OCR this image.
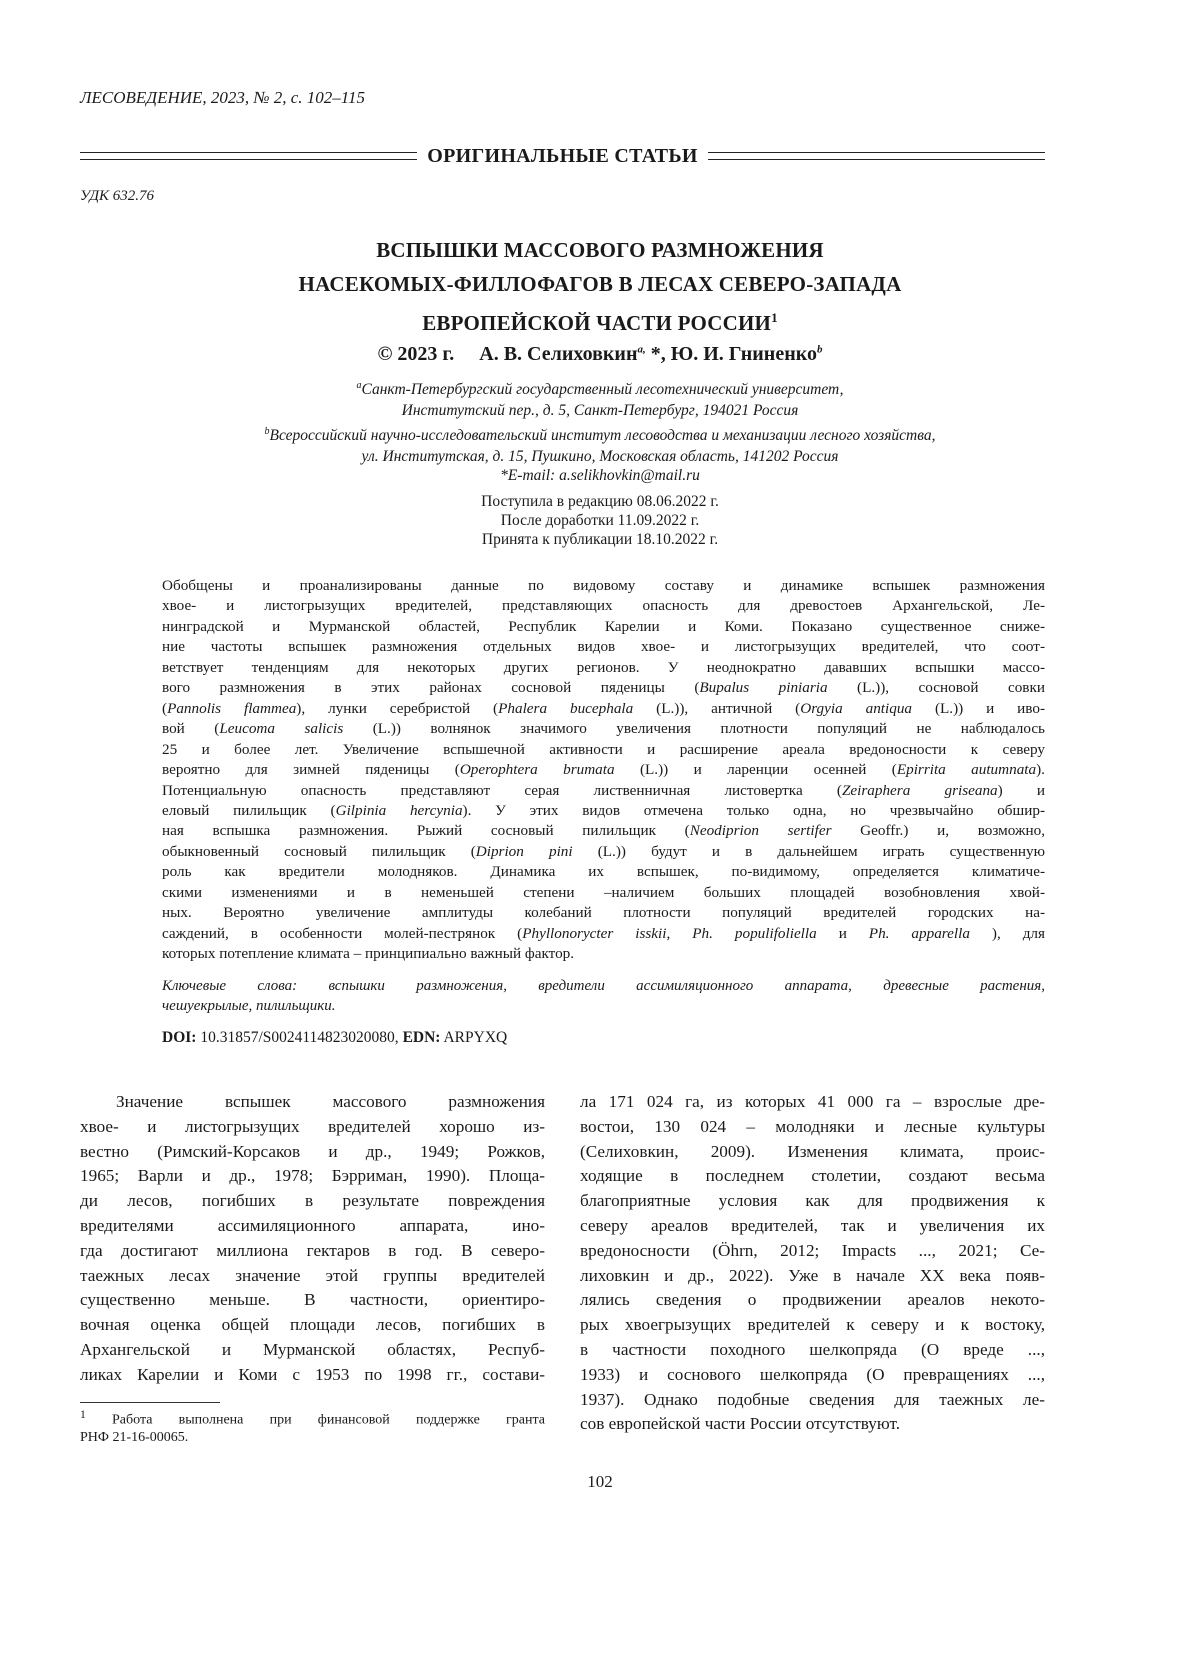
ЛЕСОВЕДЕНИЕ, 2023, № 2, с. 102–115
ОРИГИНАЛЬНЫЕ СТАТЬИ
УДК 632.76
ВСПЫШКИ МАССОВОГО РАЗМНОЖЕНИЯ
НАСЕКОМЫХ-ФИЛЛОФАГОВ В ЛЕСАХ СЕВЕРО-ЗАПАДА
ЕВРОПЕЙСКОЙ ЧАСТИ РОССИИ1
© 2023 г. А. В. Селиховкинa, *, Ю. И. Гниненкоb
aСанкт-Петербургский государственный лесотехнический университет,
Институтский пер., д. 5, Санкт-Петербург, 194021 Россия
bВсероссийский научно-исследовательский институт лесоводства и механизации лесного хозяйства,
ул. Институтская, д. 15, Пушкино, Московская область, 141202 Россия
*E-mail: a.selikhovkin@mail.ru
Поступила в редакцию 08.06.2022 г.
После доработки 11.09.2022 г.
Принята к публикации 18.10.2022 г.
Обобщены и проанализированы данные по видовому составу и динамике вспышек размножения
хвое- и листогрызущих вредителей, представляющих опасность для древостоев Архангельской, Ле-
нинградской и Мурманской областей, Республик Карелии и Коми. Показано существенное сниже-
ние частоты вспышек размножения отдельных видов хвое- и листогрызущих вредителей, что соот-
ветствует тенденциям для некоторых других регионов. У неоднократно дававших вспышки массо-
вого размножения в этих районах сосновой пяденицы (Bupalus piniaria (L.)), сосновой совки
(Pannolis flammea), лунки серебристой (Phalera bucephala (L.)), античной (Orgyia antiqua (L.)) и иво-
вой (Leucoma salicis (L.)) волнянок значимого увеличения плотности популяций не наблюдалось
25 и более лет. Увеличение вспышечной активности и расширение ареала вредоносности к северу
вероятно для зимней пяденицы (Operophtera brumata (L.)) и ларенции осенней (Epirrita autumnata).
Потенциальную опасность представляют серая лиственничная листовертка (Zeiraphera griseana) и
еловый пилильщик (Gilpinia hercynia). У этих видов отмечена только одна, но чрезвычайно обшир-
ная вспышка размножения. Рыжий сосновый пилильщик (Neodiprion sertifer Geoffr.) и, возможно,
обыкновенный сосновый пилильщик (Diprion pini (L.)) будут и в дальнейшем играть существенную
роль как вредители молодняков. Динамика их вспышек, по-видимому, определяется климатиче-
скими изменениями и в неменьшей степени –наличием больших площадей возобновления хвой-
ных. Вероятно увеличение амплитуды колебаний плотности популяций вредителей городских на-
саждений, в особенности молей-пестрянок (Phyllonorycter isskii, Ph. populifoliella и Ph. apparella ), для
которых потепление климата – принципиально важный фактор.
Ключевые слова: вспышки размножения, вредители ассимиляционного аппарата, древесные растения,
чешуекрылые, пилильщики.
DOI: 10.31857/S0024114823020080, EDN: ARPYXQ
Значение вспышек массового размножения
хвое- и листогрызущих вредителей хорошо из-
вестно (Римский-Корсаков и др., 1949; Рожков,
1965; Варли и др., 1978; Бэрриман, 1990). Площа-
ди лесов, погибших в результате повреждения
вредителями ассимиляционного аппарата, ино-
гда достигают миллиона гектаров в год. В северо-
таежных лесах значение этой группы вредителей
существенно меньше. В частности, ориентиро-
вочная оценка общей площади лесов, погибших в
Архангельской и Мурманской областях, Респуб-
ликах Карелии и Коми с 1953 по 1998 гг., состави-
ла 171 024 га, из которых 41 000 га – взрослые дре-
востои, 130 024 – молодняки и лесные культуры
(Селиховкин, 2009). Изменения климата, проис-
ходящие в последнем столетии, создают весьма
благоприятные условия как для продвижения к
северу ареалов вредителей, так и увеличения их
вредоносности (Öhrn, 2012; Impacts ..., 2021; Се-
лиховкин и др., 2022). Уже в начале XX века появ-
лялись сведения о продвижении ареалов некото-
рых хвоегрызущих вредителей к северу и к востоку,
в частности походного шелкопряда (О вреде ...,
1933) и соснового шелкопряда (О превращениях ...,
1937). Однако подобные сведения для таежных ле-
сов европейской части России отсутствуют.
1 Работа выполнена при финансовой поддержке гранта
РНФ 21-16-00065.
102
